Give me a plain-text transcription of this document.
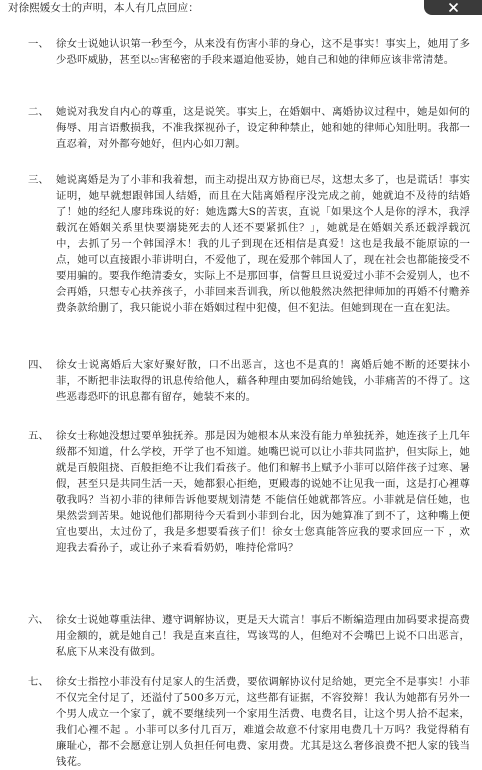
对徐熙媛女士的声明，本人有几点回应：
一、 徐女士说她认识第一秒至今，从来没有伤害小菲的身心，这不是事实！事实上，她用了多少恐吓威胁，甚至以භ害秘密的手段来逼迫他妥协，她自己和她的律师应该非常清楚。
二、 她说对我发自内心的尊重，这是说笑。事实上，在婚姻中、离婚协议过程中，她是如何的侮辱、用言语敷损我，不准我探视孙子，设定种种禁止，她和她的律师心知肚明。我都一直忍着，对外都夸她好，但内心如刀割。
三、 她说离婚是为了小菲和我着想，而主动提出双方协商已尽，这想太多了，也是谎话！事实证明，她早就想跟韩国人结婚，而且在大陆离婚程序没完成之前，她就迫不及待的结婚了！她的经纪人廖玮珠说的好：她选露大S的苦衷，直说「如果这个人是你的浮木，我浮载沉在婚姻关系里快要溺毙死去的人还不要紧抓住？」，她就是在婚姻关系还载浮载沉中，去抓了另一个韩国浮木！我的儿子到现在还相信是真爱！这也是我最不能原谅的一点，她可以直接跟小菲讲明白，不爱他了，现在爱那个韩国人了，现在社会也都能接受不要用骗的。要我作绝清委女，实际上不是那回事，信誓旦旦说爱过小菲不会爱别人，也不会再婚，只想专心扶养孩子，小菲回来吾训我，所以他般然决然把律师加的再婚不付赡养费条款给删了，我只能说小菲在婚姻过程中犯傻，但不犯法。但她到现在一直在犯法。
四、 徐女士说离婚后大家好聚好散，口不出恶言，这也不是真的！离婚后她不断的还要抹小菲，不断把非法取得的讯息传给他人，藉各种理由要加码给她钱，小菲痛苦的不得了。这些恶毒恐吓的讯息都有留存，她装不来的。
五、 徐女士称她没想过要单独抚养。那是因为她根本从来没有能力单独抚养，她连孩子上几年级都不知道，什么学校，开学了也不知道。她嘴巴说可以让小菲共同监护，但实际上，她就是百般阻挠、百般拒绝不让我们看孩子。他们和解书上赋予小菲可以陪伴孩子过寒、暑假，甚至只是共同生活一天，她都狠心拒绝，更殿毒的说她不让见我一面，这是打心裡尊敬我吗？当初小菲的律师告诉他要规划清楚 不能信任她就都答应。小菲就是信任她，也果然尝到苦果。她说他们都期待今天看到小菲到台北，因为她算准了到不了，这种嘴上便宜也要出，太过份了，我是多想要看孩子们！徐女士您真能答应我的要求回应一下 ，欢迎我去看孙子，或让孙子来看看奶奶，唯持伦常吗？
六、 徐女士说她尊重法律、遵守调解协议，更是天大谎言！事后不断编造理由加码要求提高费用金额的，就是她自己！我是直来直往，骂该骂的人，但绝对不会嘴巴上说不口出恶言，私底下从来没有做到。
七、 徐女士指控小菲没有付足家人的生活费，要依调解协议付足给她，更完全不是事实！小菲不仅完全付足了，还溢付了500多万元，这些都有证据，不容狡辩！我认为她都有另外一个男人成立一个家了，就不要继续列一个家用生活费、电费名目，让这个男人拾不起来，我们心裡不起 。小菲可以多付几百万，难道会故意不付家用电费几十万吗？我觉得稍有廉耻心，都不会愿意让别人负担任何电费、家用费。尤其是这么奢侈浪费不把人家的钱当钱花。
